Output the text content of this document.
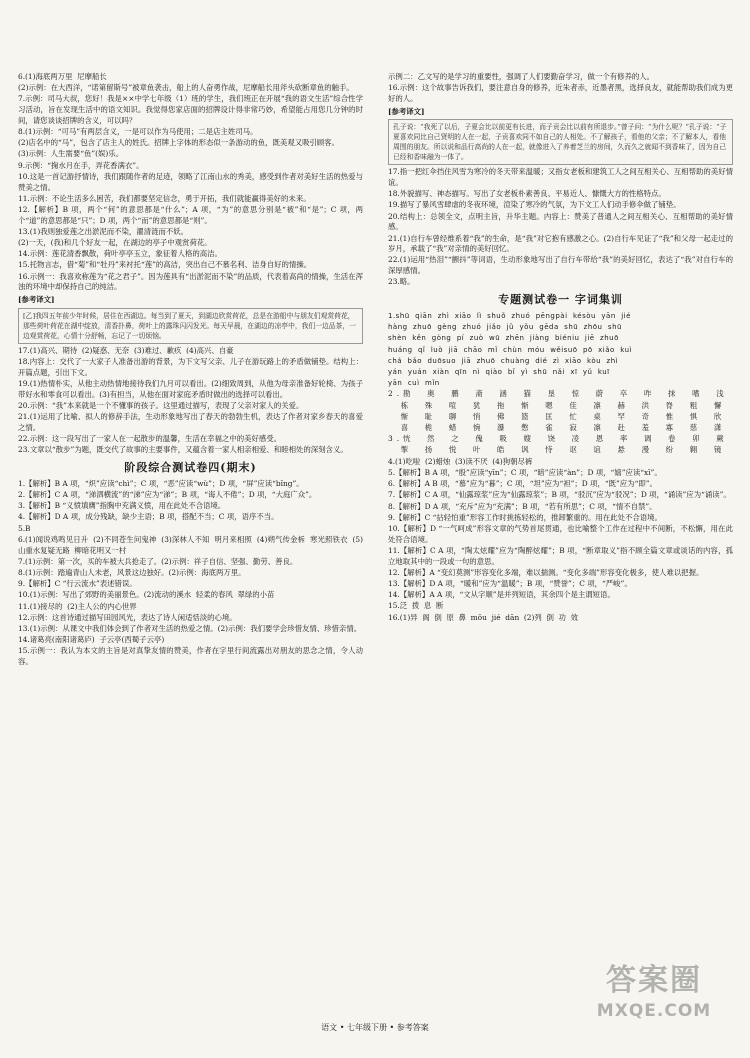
6.(1)海底两万里  尼摩船长

(2)示例：在大西洋，“诺第留斯号”被章鱼袭击，船上的人奋勇作战，尼摩船长用斧头砍断章鱼的触手。

7.示例：司马大叔，您好！我是××中学七年级（1）班的学生，我们班正在开展“我的语文生活”综合性学习活动，旨在发现生活中的语文知识。我觉得您家店面的招牌设计得非常巧妙，希望能占用您几分钟的时间，请您谈谈招牌的含义，可以吗？

8.(1)示例：“可马”有两层含义，一是可以作为马使用；二是店主姓司马。

(2)店名中的“马”，包含了店主人的姓氏。招牌上字体的形态似一条游动的鱼，既美观又吸引顾客。

(3)示例：人生需要“鱼”(娱)乐。

9.示例：“掬水月在手，弄花香满衣”。

10.这是一首记游抒情诗，我们跟随作者的足迹，领略了江南山水的秀美，感受到作者对美好生活的热爱与赞美之情。

11.示例：不论生活多么困苦，我们都要坚定信念，勇于开拓，我们就能赢得美好的未来。

12.【解析】B 项，两个“何”的意思都是“什么”；A 项，“为”的意思分别是“被”和“是”；C 项，两个“道”的意思都是“只”；D 项，两个“而”的意思都是“则”。

13.(1)我则独爱莲之出淤泥而不染，濯清涟而不妖。

(2)一天，(我)和几个好友一起，在湖边的亭子中观赏荷花。

14.示例：莲花清香飘散，荷叶亭亭玉立，象征着人格的高洁。

15.托物言志，借“菊”和“牡丹”来衬托“莲”的高洁，突出自己不慕名利、洁身自好的情操。

16.示例一：我喜欢称莲为“花之君子”。因为莲具有“出淤泥而不染”的品质，代表着高尚的情操，生活在浑浊的环境中却保持自己的纯洁。

[参考译文]
[乙]我四五年前少年时候，居住在西湖边。每当到了夏天，到湖边欣赏荷花，总是在游船中与朋友们观赏荷花，那些荷叶荷花在湖中绽放，清香扑鼻，荷叶上的露珠闪闪发光。每天早晨，在湖边的凉亭中，我们一边品茶，一边观赏荷花，心情十分舒畅，忘记了一切烦恼。

17.(1)高兴、期待  (2)疑惑、无奈  (3)难过、歉疚  (4)高兴、自豪

18.内容上：交代了一大家子人准备出游的背景，为下文写父亲、儿子在游玩路上的矛盾做铺垫。结构上：开篇点题，引出下文。

19.(1)热情朴实，从他主动热情地接待我们九月可以看出。(2)细致周到，从他为母亲准备好轮椅、为孩子带好水和零食可以看出。(3)有担当，从他在面对家庭矛盾时做出的选择可以看出。

20.示例：“我”本来就是一个不懂事的孩子。这里通过描写，表现了父亲对家人的关爱。

21.(1)运用了比喻、拟人的修辞手法，生动形象地写出了春天的勃勃生机，表达了作者对家乡春天的喜爱之情。

22.示例：这一段写出了一家人在一起散步的温馨，生活在幸福之中的美好感受。

23.文章以“散步”为题，既交代了故事的主要事件，又蕴含着一家人相亲相爱、和睦相处的深刻含义。

阶段综合测试卷四(期末)

1.【解析】B A 项，“炽”应读“chì”；C 项，“恶”应读“wù”；D 项，“屏”应读“bǐng”。

2.【解析】C A 项，“涕泗横流”的“涕”应为“涕”；B 项，“诲人不倦”；D 项，“大庭广众”。

3.【解析】B “义愤填膺”指胸中充满义愤，用在此处不合语境。

4.【解析】D A 项，成分残缺，缺少主语；B 项，搭配不当；C 项，语序不当。

5.B

6.(1)闻说鸡鸣见日升  (2)不同苍生问鬼神  (3)深林人不知  明月来相照  (4)朔气传金柝  寒光照铁衣  (5)山重水复疑无路  柳暗花明又一村

7.(1)示例：第一次，买的车被大兵抢走了。(2)示例：祥子自信、坚强、勤劳、善良。

8.(1)示例：踏遍青山人未老，风景这边独好。(2)示例：海底两万里。

9.【解析】C “行云流水”表述错误。

10.(1)示例：写出了郊野的美丽景色。(2)流动的溪水  轻柔的春风  翠绿的小苗

11.(1)接尽的  (2)主人公的内心世界

12.示例：这首诗通过描写田园风光，表达了诗人闲适恬淡的心境。

13.(1)示例：从课文中我们体会到了作者对生活的热爱之情。(2)示例：我们要学会珍惜友情、珍惜亲情。

14.诸葛亮(南阳诸葛庐)  子云亭(西蜀子云亭)

15.示例一：我认为本文的主旨是对真挚友情的赞美，作者在字里行间流露出对朋友的思念之情，令人动容。

示例二：乙文写的是学习的重要性，强调了人们要勤奋学习，做一个有修养的人。

16.示例：这个故事告诉我们，要注意自身的修养，近朱者赤，近墨者黑，选择良友，就能帮助我们成为更好的人。

[参考译文]
孔子说：“我死了以后，子夏会比以前更有长进，而子贡会比以前有所退步。”曾子问：“为什么呢？”孔子说：“子夏喜欢同比自己贤明的人在一起，子贡喜欢同不如自己的人相处。不了解孩子，看他的父亲；不了解本人，看他周围的朋友。所以说和品行高尚的人在一起，就像进入了养着芝兰的房间，久而久之就闻不到香味了，因为自己已经和香味融为一体了。

17.指一把红伞挡住风雪为寒冷的冬天带来温暖；又指女老板和建筑工人之间互相关心、互相帮助的美好情谊。

18.外貌描写、神态描写。写出了女老板朴素善良、平易近人、慷慨大方的性格特点。

19.描写了暴风雪肆虐的冬夜环境，渲染了寒冷的气氛，为下文工人们动手修伞做了铺垫。

20.结构上：总领全文，点明主旨，升华主题。内容上：赞美了普通人之间互相关心、互相帮助的美好情感。

21.(1)自行车曾经维系着“我”的生命，是“我”对它抱有感激之心。(2)自行车见证了“我”和父母一起走过的岁月，承载了“我”对亲情的美好回忆。

22.(1)运用“热泪”“颤抖”等词语，生动形象地写出了自行车带给“我”的美好回忆，表达了“我”对自行车的深厚感情。

23.略。

专题测试卷一 字词集训

1.shū  qiān  zhì  xiāo  lì  shuǒ  zhuó  pēngpài  késòu  yān  jié

hàng  zhuō  gèng  zhuó  jiǎo  jǔ  yǒu  gēda  shū  zhōu  shū

shèn  kěn  gòng  pí  zuò  wū  zhēn  jiàng  biéniu  jiē  zhuō

huáng  qǐ  luò  jiā  chāo  mǐ  chùn  móu  wěisuō  pō  xiǎo  kuì

chá  bǎo  duōsuo  jiā  zhuō  chuàng  dié  zì  xiāo  kòu  zhì

yán  yuán  xiàn  qīn  nì  qiào  bǐ  yì  shū  nǎi  xī  yǔ  kuī

yān  cuì  mǐn

2.勘  奥  鹏  斋  涵  猫  垦  惊  蔚  卒  咋  抹  嗜  浅

栋  殊  喧  犹  拖  惭  嗯  佳  凛  赫  洪  脊  粗  懈

惭  耻  聊  悄  佛  篮  匡  忙  桌  罕  奇  惟  惧  欣

喜  桅  蜡  惋  瀑  憋  雀  寂  凛  赴  羞  寡  慈  潇

3.恍  然  之  傀  吸  嫂  饶  凌  恩  率  调  卷  卯  蕨

掣  扬  悦  叶  皓  讽  恃  讴  谊  悬  漫  纷  翱  镜

4.(1)吃啦  (2)蜡烛  (3)读不厌  (4)狗朝尽裤

5.【解析】B A 项，“殷”应读“yīn”；C 项，“暗”应读“àn”；D 项，“嬉”应读“xī”。

6.【解析】A B 项，“慕”应为“暮”；C 项，“坦”应为“袒”；D 项，“既”应为“即”。

7.【解析】C A 项，“仙露琼浆”应为“仙露琼浆”；B 项，“驳沉”应为“驳况”；D 项，“诵读”应为“诵读”。

8.【解析】D A 项，“充斥”应为“充满”；B 项，“若有所思”；C 项，“情不自禁”。

9.【解析】C “拈轻怕重”形容工作时挑拣轻松的，推卸繁重的。用在此处不合语境。

10.【解析】D “一气呵成”形容文章的气势首尾贯通，也比喻整个工作在过程中不间断，不松懈，用在此处符合语境。

11.【解析】C A 项，“陶太炫耀”应为“陶醉炫耀”；B 项，“断章取义”指不顾全篇文章或谈话的内容，孤立地取其中的一段或一句的意思。

12.【解析】A “变幻莫测”形容变化多端，难以揣测。“变化多端”形容变化极多，使人难以把握。

13.【解析】D A 项，“暖和”应为“温暖”；B 项，“赞誉”；C 项，“严峻”。

14.【解析】A A 项，“文从字顺”是并列短语，其余四个是主谓短语。

15.泛  拨  息  断

16.(1)异  阁  倒  原  鼻  mǒu  jié  dān  (2)列  倒  功  效

语文 • 七年级下册 • 参考答案
答案圈
MXQE.COM
